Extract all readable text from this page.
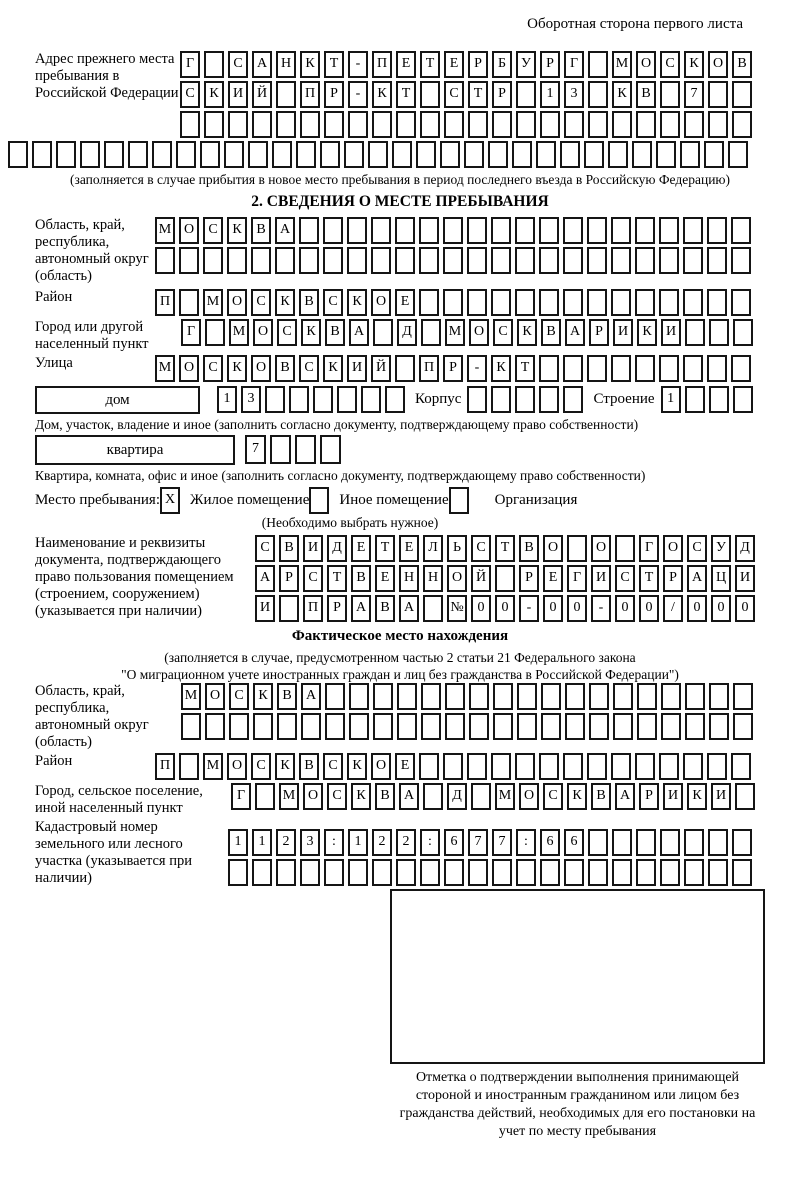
Оборотная сторона первого листа
Адрес прежнего места пребывания в Российской Федерации
Г	С	А Н	К	Т	-	П	Е	Т	Е	Р	Б	У	Р	Г	М О	С	К	О	В
С	К	И Й	П	Р	-	К	Т	С	Т	Р	1	3	К	В	7
(заполняется в случае прибытия в новое место пребывания в период последнего въезда в Российскую Федерацию)
2. СВЕДЕНИЯ О МЕСТЕ ПРЕБЫВАНИЯ
Область, край, республика, автономный округ (область)
М О	С	К	В	А
Район	П	М О	С	К	В	С	К	О	Е
Город или другой населенный пункт
Г	М О	С	К	В	А	Д	М О	С	К	В	А	Р	И	К	И
Улица	М О	С	К	О	В	С	К	И Й	П	Р	-	К	Т
дом	1	3	Корпус	Строение 1
Дом, участок, владение и иное (заполнить согласно документу, подтверждающему право собственности)
квартира	7
Квартира, комната, офис и иное (заполнить согласно документу, подтверждающему право собственности)
Место пребывания: X Жилое помещение Иное помещение	Организация
(Необходимо выбрать нужное)
Наименование и реквизиты документа, подтверждающего право пользования помещением (строением, сооружением) (указывается при наличии)
С	В	И	Д	Е	Т	Е	Л	Ь	С	Т	В	О	О	Г	О	С	У	Д
А	Р	С	Т	В	Е	Н Н О Й	Р	Е	Г	И	С	Т	Р	А Ц И
И	П	Р	А	В	А	№ 0	0	-	0	0	-	0	0	/	0	0	0
Фактическое место нахождения
(заполняется в случае, предусмотренном частью 2 статьи 21 Федерального закона
"О миграционном учете иностранных граждан и лиц без гражданства в Российской Федерации")
Область, край, республика, автономный округ (область)
М О	С	К	В	А
Район	П	М О	С	К	В	С	К	О	Е
Город, сельское поселение, иной населенный пункт
Г	М О	С	К	В	А	Д	М О	С	К	В	А	Р	И	К	И
Кадастровый номер земельного или лесного участка (указывается при наличии)
1	1	2	3	:	1	2	2	:	6	7	7	:	6	6
Отметка о подтверждении выполнения принимающей стороной и иностранным гражданином или лицом без гражданства действий, необходимых для его постановки на учет по месту пребывания
